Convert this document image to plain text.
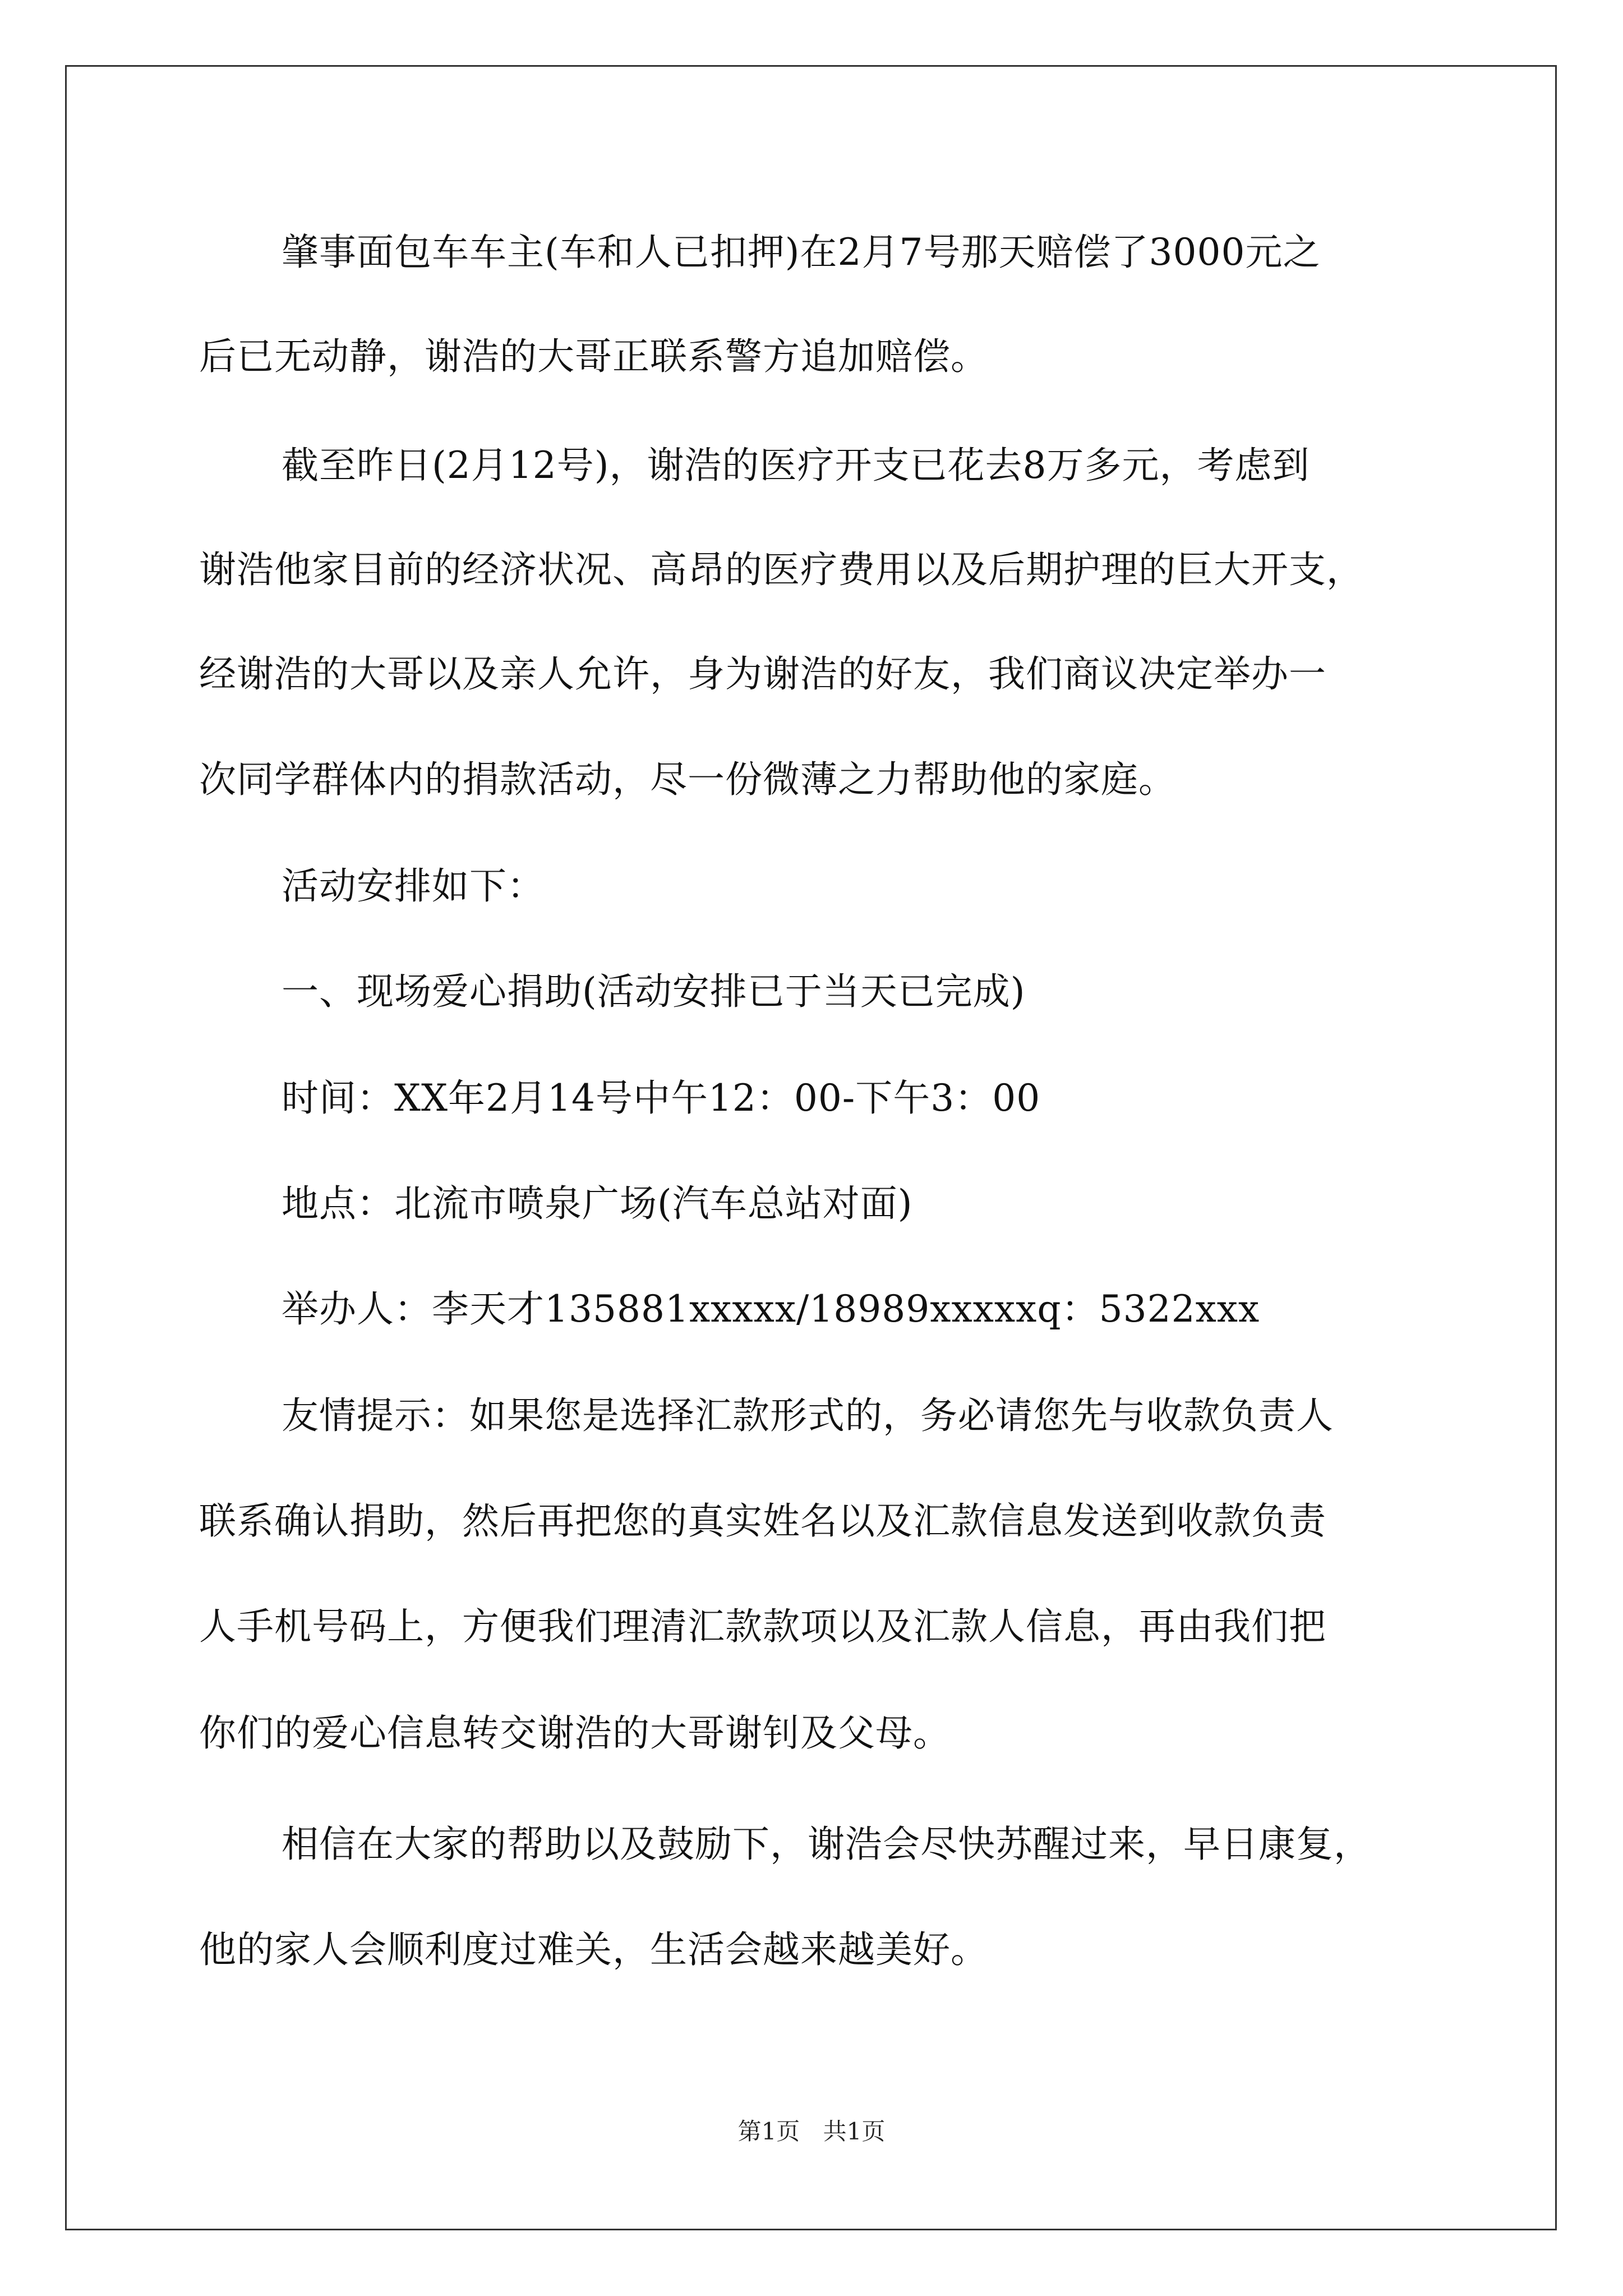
肇事面包车车主(车和人已扣押)在2月7号那天赔偿了3000元之
后已无动静，谢浩的大哥正联系警方追加赔偿。
截至昨日(2月12号)，谢浩的医疗开支已花去8万多元，考虑到
谢浩他家目前的经济状况、高昂的医疗费用以及后期护理的巨大开支，
经谢浩的大哥以及亲人允许，身为谢浩的好友，我们商议决定举办一
次同学群体内的捐款活动，尽一份微薄之力帮助他的家庭。
活动安排如下：
一、现场爱心捐助(活动安排已于当天已完成)
时间：XX年2月14号中午12：00-下午3：00
地点：北流市喷泉广场(汽车总站对面)
举办人：李天才135881xxxxx/18989xxxxxq：5322xxx
友情提示：如果您是选择汇款形式的，务必请您先与收款负责人
联系确认捐助，然后再把您的真实姓名以及汇款信息发送到收款负责
人手机号码上，方便我们理清汇款款项以及汇款人信息，再由我们把
你们的爱心信息转交谢浩的大哥谢钊及父母。
相信在大家的帮助以及鼓励下，谢浩会尽快苏醒过来，早日康复，
他的家人会顺利度过难关，生活会越来越美好。
第1页 共1页
